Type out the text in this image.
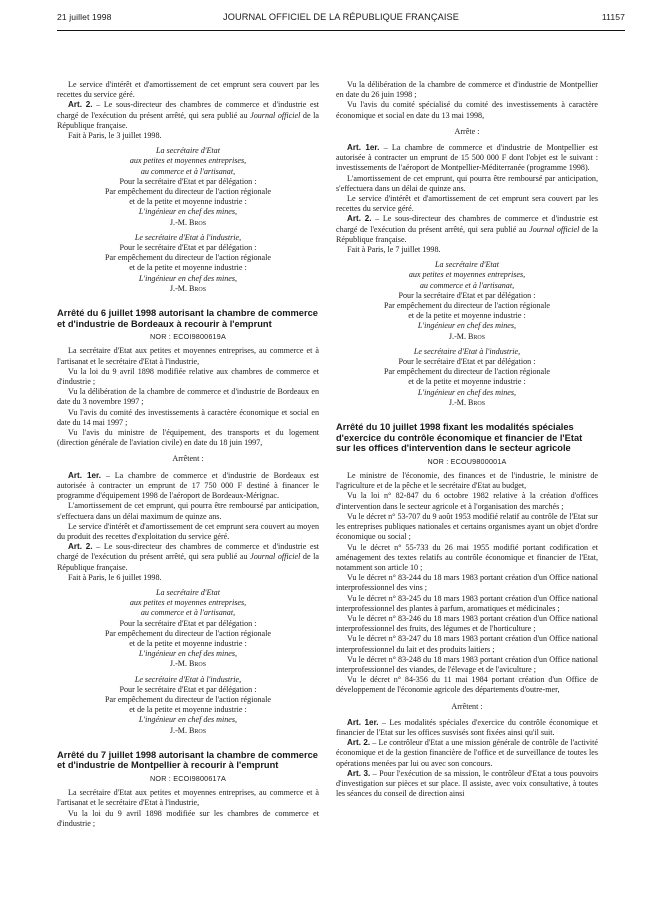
21 juillet 1998	JOURNAL OFFICIEL DE LA RÉPUBLIQUE FRANÇAISE	11157

Le service d'intérêt et d'amortissement de cet emprunt sera couvert par les recettes du service géré.

Art. 2. – Le sous-directeur des chambres de commerce et d'industrie est chargé de l'exécution du présent arrêté, qui sera publié au Journal officiel de la République française.

Fait à Paris, le 3 juillet 1998.

La secrétaire d'Etat

aux petites et moyennes entreprises,

au commerce et à l'artisanat,

Pour la secrétaire d'Etat et par délégation :

Par empêchement du directeur de l'action régionale

et de la petite et moyenne industrie :

L'ingénieur en chef des mines,

J.-M. Bros

Le secrétaire d'Etat à l'industrie,

Pour le secrétaire d'Etat et par délégation :

Par empêchement du directeur de l'action régionale

et de la petite et moyenne industrie :

L'ingénieur en chef des mines,

J.-M. Bros

Arrêté du 6 juillet 1998 autorisant la chambre de commerce et d'industrie de Bordeaux à recourir à l'emprunt
NOR : ECOI9800619A

La secrétaire d'Etat aux petites et moyennes entreprises, au commerce et à l'artisanat et le secrétaire d'Etat à l'industrie,

Vu la loi du 9 avril 1898 modifiée relative aux chambres de commerce et d'industrie ;

Vu la délibération de la chambre de commerce et d'industrie de Bordeaux en date du 3 novembre 1997 ;

Vu l'avis du comité des investissements à caractère économique et social en date du 14 mai 1997 ;

Vu l'avis du ministre de l'équipement, des transports et du logement (direction générale de l'aviation civile) en date du 18 juin 1997,

Arrêtent :

Art. 1er. – La chambre de commerce et d'industrie de Bordeaux est autorisée à contracter un emprunt de 17 750 000 F destiné à financer le programme d'équipement 1998 de l'aéroport de Bordeaux-Mérignac.

L'amortissement de cet emprunt, qui pourra être remboursé par anticipation, s'effectuera dans un délai maximum de quinze ans.

Le service d'intérêt et d'amortissement de cet emprunt sera couvert au moyen du produit des recettes d'exploitation du service géré.

Art. 2. – Le sous-directeur des chambres de commerce et d'industrie est chargé de l'exécution du présent arrêté, qui sera publié au Journal officiel de la République française.

Fait à Paris, le 6 juillet 1998.

La secrétaire d'Etat

aux petites et moyennes entreprises,

au commerce et à l'artisanat,

Pour la secrétaire d'Etat et par délégation :

Par empêchement du directeur de l'action régionale

et de la petite et moyenne industrie :

L'ingénieur en chef des mines,

J.-M. Bros

Le secrétaire d'Etat à l'industrie,

Pour le secrétaire d'Etat et par délégation :

Par empêchement du directeur de l'action régionale

et de la petite et moyenne industrie :

L'ingénieur en chef des mines,

J.-M. Bros

Arrêté du 7 juillet 1998 autorisant la chambre de commerce et d'industrie de Montpellier à recourir à l'emprunt
NOR : ECOI9800617A

La secrétaire d'Etat aux petites et moyennes entreprises, au commerce et à l'artisanat et le secrétaire d'Etat à l'industrie,

Vu la loi du 9 avril 1898 modifiée sur les chambres de commerce et d'industrie ;

Vu la délibération de la chambre de commerce et d'industrie de Montpellier en date du 26 juin 1998 ;

Vu l'avis du comité spécialisé du comité des investissements à caractère économique et social en date du 13 mai 1998,

Arrête :

Art. 1er. – La chambre de commerce et d'industrie de Montpellier est autorisée à contracter un emprunt de 15 500 000 F dont l'objet est le suivant : investissements de l'aéroport de Montpellier-Méditerranée (programme 1998).

L'amortissement de cet emprunt, qui pourra être remboursé par anticipation, s'effectuera dans un délai de quinze ans.

Le service d'intérêt et d'amortissement de cet emprunt sera couvert par les recettes du service géré.

Art. 2. – Le sous-directeur des chambres de commerce et d'industrie est chargé de l'exécution du présent arrêté, qui sera publié au Journal officiel de la République française.

Fait à Paris, le 7 juillet 1998.

La secrétaire d'Etat

aux petites et moyennes entreprises,

au commerce et à l'artisanat,

Pour la secrétaire d'Etat et par délégation :

Par empêchement du directeur de l'action régionale

et de la petite et moyenne industrie :

L'ingénieur en chef des mines,

J.-M. Bros

Le secrétaire d'Etat à l'industrie,

Pour le secrétaire d'Etat et par délégation :

Par empêchement du directeur de l'action régionale

et de la petite et moyenne industrie :

L'ingénieur en chef des mines,

J.-M. Bros

Arrêté du 10 juillet 1998 fixant les modalités spéciales d'exercice du contrôle économique et financier de l'Etat sur les offices d'intervention dans le secteur agricole
NOR : ECOU9800001A

Le ministre de l'économie, des finances et de l'industrie, le ministre de l'agriculture et de la pêche et le secrétaire d'Etat au budget,

Vu la loi n° 82-847 du 6 octobre 1982 relative à la création d'offices d'intervention dans le secteur agricole et à l'organisation des marchés ;

Vu le décret n° 53-707 du 9 août 1953 modifié relatif au contrôle de l'Etat sur les entreprises publiques nationales et certains organismes ayant un objet d'ordre économique ou social ;

Vu le décret n° 55-733 du 26 mai 1955 modifié portant codification et aménagement des textes relatifs au contrôle économique et financier de l'Etat, notamment son article 10 ;

Vu le décret n° 83-244 du 18 mars 1983 portant création d'un Office national interprofessionnel des vins ;

Vu le décret n° 83-245 du 18 mars 1983 portant création d'un Office national interprofessionnel des plantes à parfum, aromatiques et médicinales ;

Vu le décret n° 83-246 du 18 mars 1983 portant création d'un Office national interprofessionnel des fruits, des légumes et de l'horticulture ;

Vu le décret n° 83-247 du 18 mars 1983 portant création d'un Office national interprofessionnel du lait et des produits laitiers ;

Vu le décret n° 83-248 du 18 mars 1983 portant création d'un Office national interprofessionnel des viandes, de l'élevage et de l'aviculture ;

Vu le décret n° 84-356 du 11 mai 1984 portant création d'un Office de développement de l'économie agricole des départements d'outre-mer,

Arrêtent :

Art. 1er. – Les modalités spéciales d'exercice du contrôle économique et financier de l'Etat sur les offices susvisés sont fixées ainsi qu'il suit.

Art. 2. – Le contrôleur d'Etat a une mission générale de contrôle de l'activité économique et de la gestion financière de l'office et de surveillance de toutes les opérations menées par lui ou avec son concours.

Art. 3. – Pour l'exécution de sa mission, le contrôleur d'Etat a tous pouvoirs d'investigation sur pièces et sur place. Il assiste, avec voix consultative, à toutes les séances du conseil de direction ainsi
